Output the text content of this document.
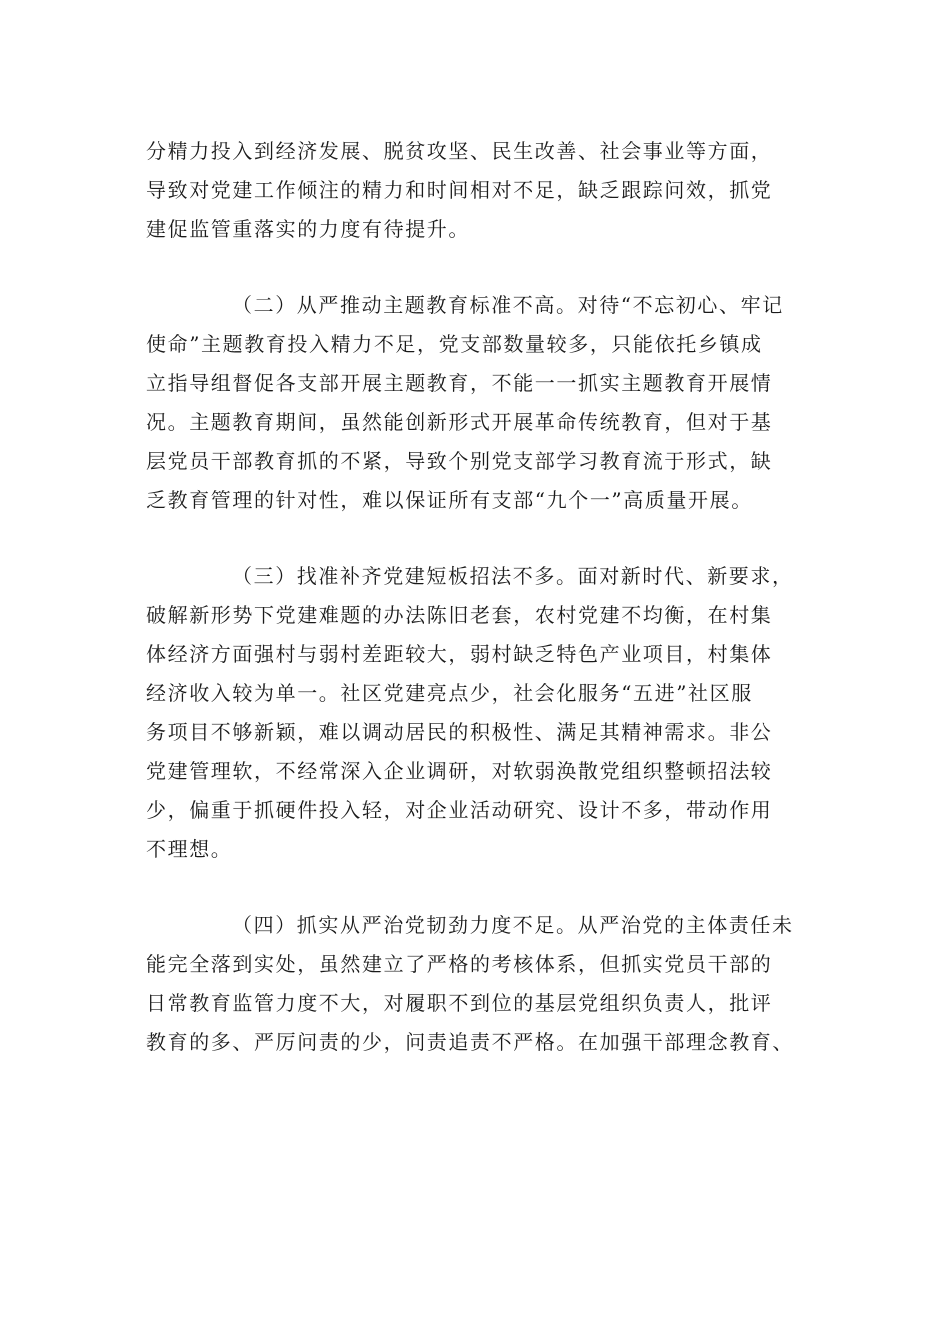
分精力投入到经济发展、脱贫攻坚、民生改善、社会事业等方面，
导致对党建工作倾注的精力和时间相对不足，缺乏跟踪问效，抓党
建促监管重落实的力度有待提升。
（二）从严推动主题教育标准不高。对待“不忘初心、牢记
使命”主题教育投入精力不足，党支部数量较多，只能依托乡镇成
立指导组督促各支部开展主题教育，不能一一抓实主题教育开展情
况。主题教育期间，虽然能创新形式开展革命传统教育，但对于基
层党员干部教育抓的不紧，导致个别党支部学习教育流于形式，缺
乏教育管理的针对性，难以保证所有支部“九个一”高质量开展。
（三）找准补齐党建短板招法不多。面对新时代、新要求，
破解新形势下党建难题的办法陈旧老套，农村党建不均衡，在村集
体经济方面强村与弱村差距较大，弱村缺乏特色产业项目，村集体
经济收入较为单一。社区党建亮点少，社会化服务“五进”社区服
务项目不够新颖，难以调动居民的积极性、满足其精神需求。非公
党建管理软，不经常深入企业调研，对软弱涣散党组织整顿招法较
少，偏重于抓硬件投入轻，对企业活动研究、设计不多，带动作用
不理想。
（四）抓实从严治党韧劲力度不足。从严治党的主体责任未
能完全落到实处，虽然建立了严格的考核体系，但抓实党员干部的
日常教育监管力度不大，对履职不到位的基层党组织负责人，批评
教育的多、严厉问责的少，问责追责不严格。在加强干部理念教育、
